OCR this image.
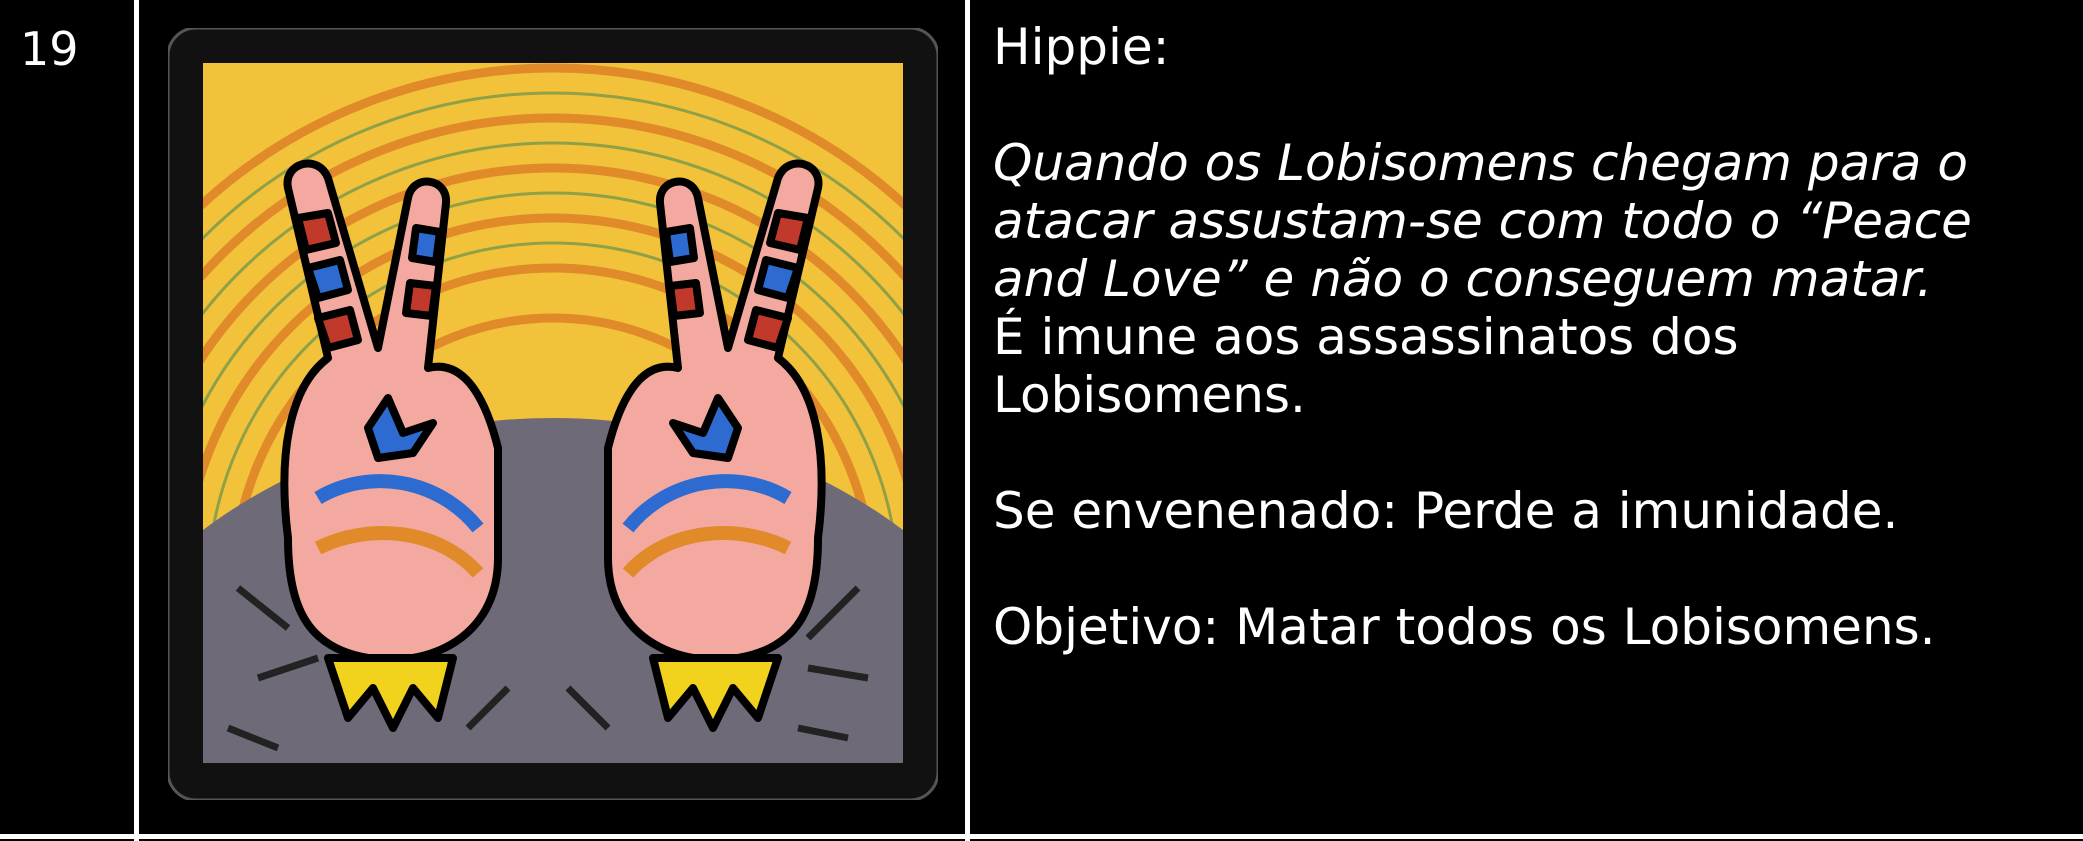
19	Hippie:

Quando os Lobisomens chegam para o atacar assustam-se com todo o “Peace and Love” e não o conseguem matar.

É imune aos assassinatos dos

Lobisomens.

Se envenenado: Perde a imunidade.

Objetivo: Matar todos os Lobisomens.
